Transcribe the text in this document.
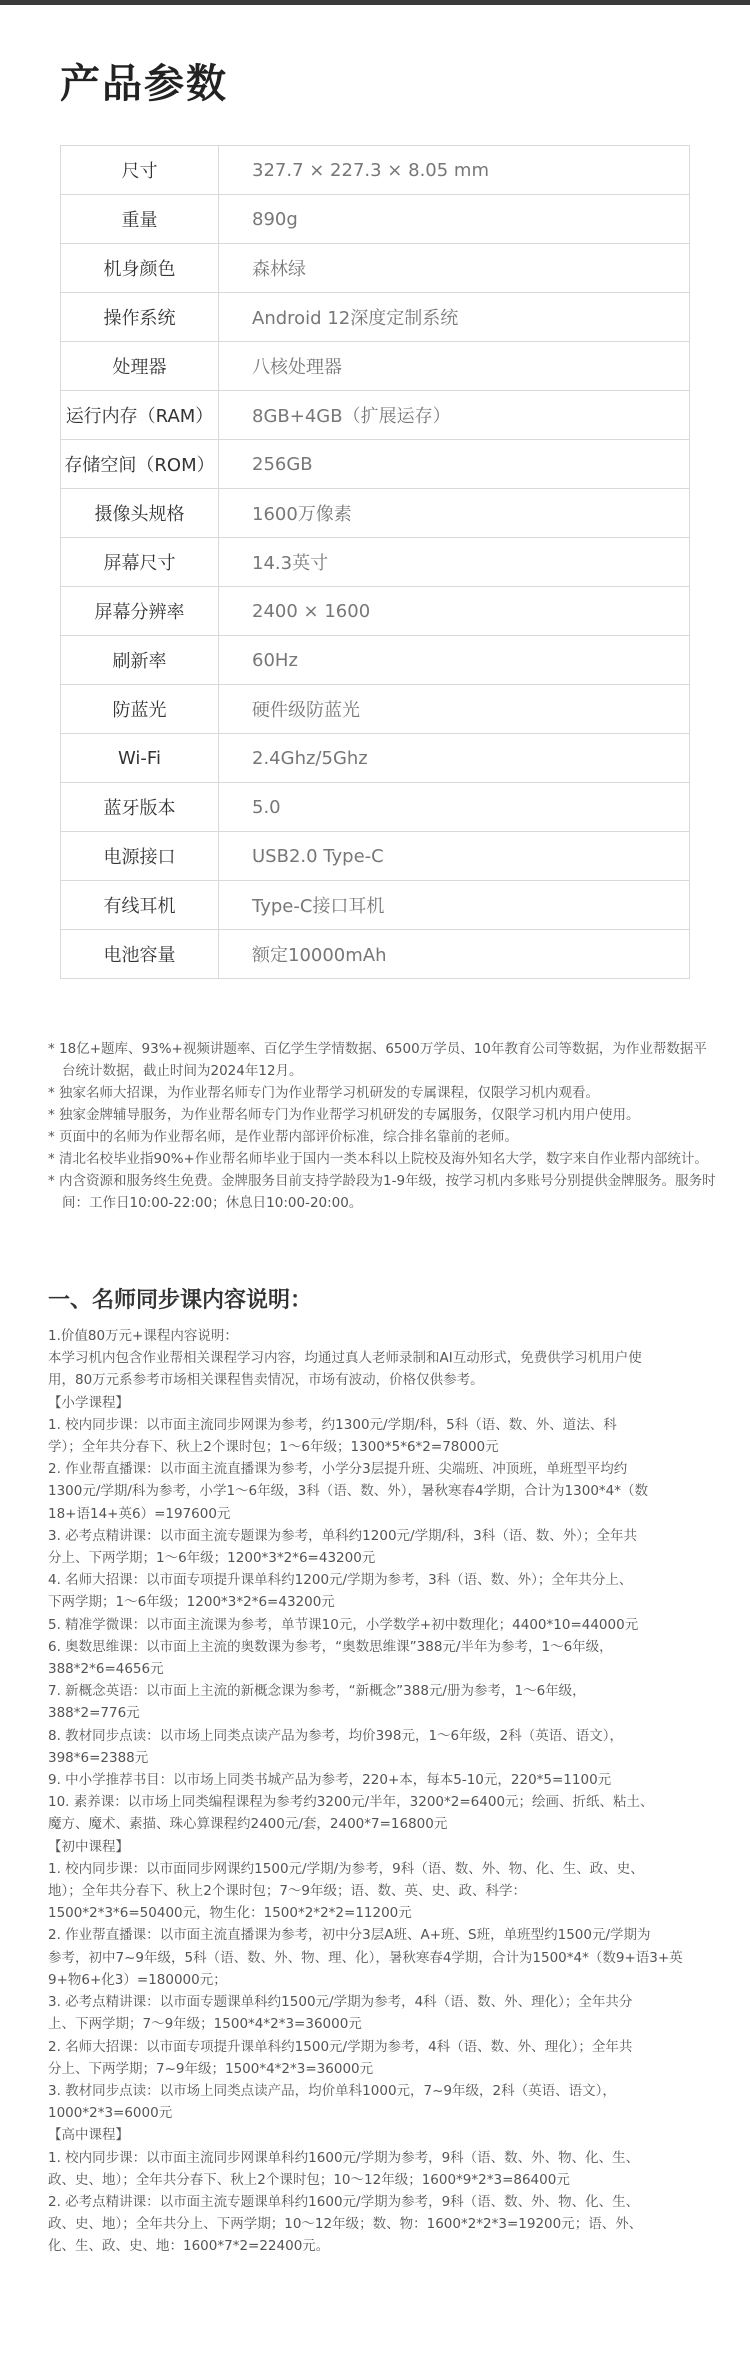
产品参数
尺寸	327.7 × 227.3 × 8.05 mm
重量	890g
机身颜色	森林绿
操作系统	Android 12深度定制系统
处理器	八核处理器
运行内存（RAM）	8GB+4GB（扩展运存）
存储空间（ROM）	256GB
摄像头规格	1600万像素
屏幕尺寸	14.3英寸
屏幕分辨率	2400 × 1600
刷新率	60Hz
防蓝光	硬件级防蓝光
Wi-Fi	2.4Ghz/5Ghz
蓝牙版本	5.0
电源接口	USB2.0 Type-C
有线耳机	Type-C接口耳机
电池容量	额定10000mAh
* 18亿+题库、93%+视频讲题率、百亿学生学情数据、6500万学员、10年教育公司等数据，为作业帮数据平台统计数据，截止时间为2024年12月。
* 独家名师大招课，为作业帮名师专门为作业帮学习机研发的专属课程，仅限学习机内观看。
* 独家金牌辅导服务，为作业帮名师专门为作业帮学习机研发的专属服务，仅限学习机内用户使用。
* 页面中的名师为作业帮名师，是作业帮内部评价标准，综合排名靠前的老师。
* 清北名校毕业指90%+作业帮名师毕业于国内一类本科以上院校及海外知名大学，数字来自作业帮内部统计。
* 内含资源和服务终生免费。金牌服务目前支持学龄段为1-9年级，按学习机内多账号分别提供金牌服务。服务时间：工作日10:00-22:00；休息日10:00-20:00。
一、名师同步课内容说明：
1.价值80万元+课程内容说明：
本学习机内包含作业帮相关课程学习内容，均通过真人老师录制和AI互动形式，免费供学习机用户使
用，80万元系参考市场相关课程售卖情况，市场有波动，价格仅供参考。
【小学课程】
1. 校内同步课：以市面主流同步网课为参考，约1300元/学期/科，5科（语、数、外、道法、科
学）；全年共分春下、秋上2个课时包；1～6年级；1300*5*6*2=78000元
2. 作业帮直播课：以市面主流直播课为参考，小学分3层提升班、尖端班、冲顶班，单班型平均约
1300元/学期/科为参考，小学1～6年级，3科（语、数、外），暑秋寒春4学期，合计为1300*4*（数
18+语14+英6）=197600元
3. 必考点精讲课：以市面主流专题课为参考，单科约1200元/学期/科，3科（语、数、外）；全年共
分上、下两学期；1～6年级；1200*3*2*6=43200元
4. 名师大招课：以市面专项提升课单科约1200元/学期为参考，3科（语、数、外）；全年共分上、
下两学期；1～6年级；1200*3*2*6=43200元
5. 精准学微课：以市面主流课为参考，单节课10元，小学数学+初中数理化；4400*10=44000元
6. 奥数思维课：以市面上主流的奥数课为参考，“奥数思维课”388元/半年为参考，1～6年级，
388*2*6=4656元
7. 新概念英语：以市面上主流的新概念课为参考，“新概念”388元/册为参考，1～6年级，
388*2=776元
8. 教材同步点读：以市场上同类点读产品为参考，均价398元，1～6年级，2科（英语、语文），
398*6=2388元
9. 中小学推荐书目：以市场上同类书城产品为参考，220+本，每本5-10元，220*5=1100元
10. 素养课：以市场上同类编程课程为参考约3200元/半年，3200*2=6400元；绘画、折纸、粘土、
魔方、魔术、素描、珠心算课程约2400元/套，2400*7=16800元
【初中课程】
1. 校内同步课：以市面同步网课约1500元/学期/为参考，9科（语、数、外、物、化、生、政、史、
地）；全年共分春下、秋上2个课时包；7～9年级；语、数、英、史、政、科学：
1500*2*3*6=50400元，物生化：1500*2*2*2=11200元
2. 作业帮直播课：以市面主流直播课为参考，初中分3层A班、A+班、S班，单班型约1500元/学期为
参考，初中7~9年级，5科（语、数、外、物、理、化），暑秋寒春4学期，合计为1500*4*（数9+语3+英
9+物6+化3）=180000元；
3. 必考点精讲课：以市面专题课单科约1500元/学期为参考，4科（语、数、外、理化）；全年共分
上、下两学期；7～9年级；1500*4*2*3=36000元
2. 名师大招课：以市面专项提升课单科约1500元/学期为参考，4科（语、数、外、理化）；全年共
分上、下两学期；7~9年级；1500*4*2*3=36000元
3. 教材同步点读：以市场上同类点读产品，均价单科1000元，7~9年级，2科（英语、语文），
1000*2*3=6000元
【高中课程】
1. 校内同步课：以市面主流同步网课单科约1600元/学期为参考，9科（语、数、外、物、化、生、
政、史、地）；全年共分春下、秋上2个课时包；10～12年级；1600*9*2*3=86400元
2. 必考点精讲课：以市面主流专题课单科约1600元/学期为参考，9科（语、数、外、物、化、生、
政、史、地）；全年共分上、下两学期；10～12年级；数、物：1600*2*2*3=19200元；语、外、
化、生、政、史、地：1600*7*2=22400元。
